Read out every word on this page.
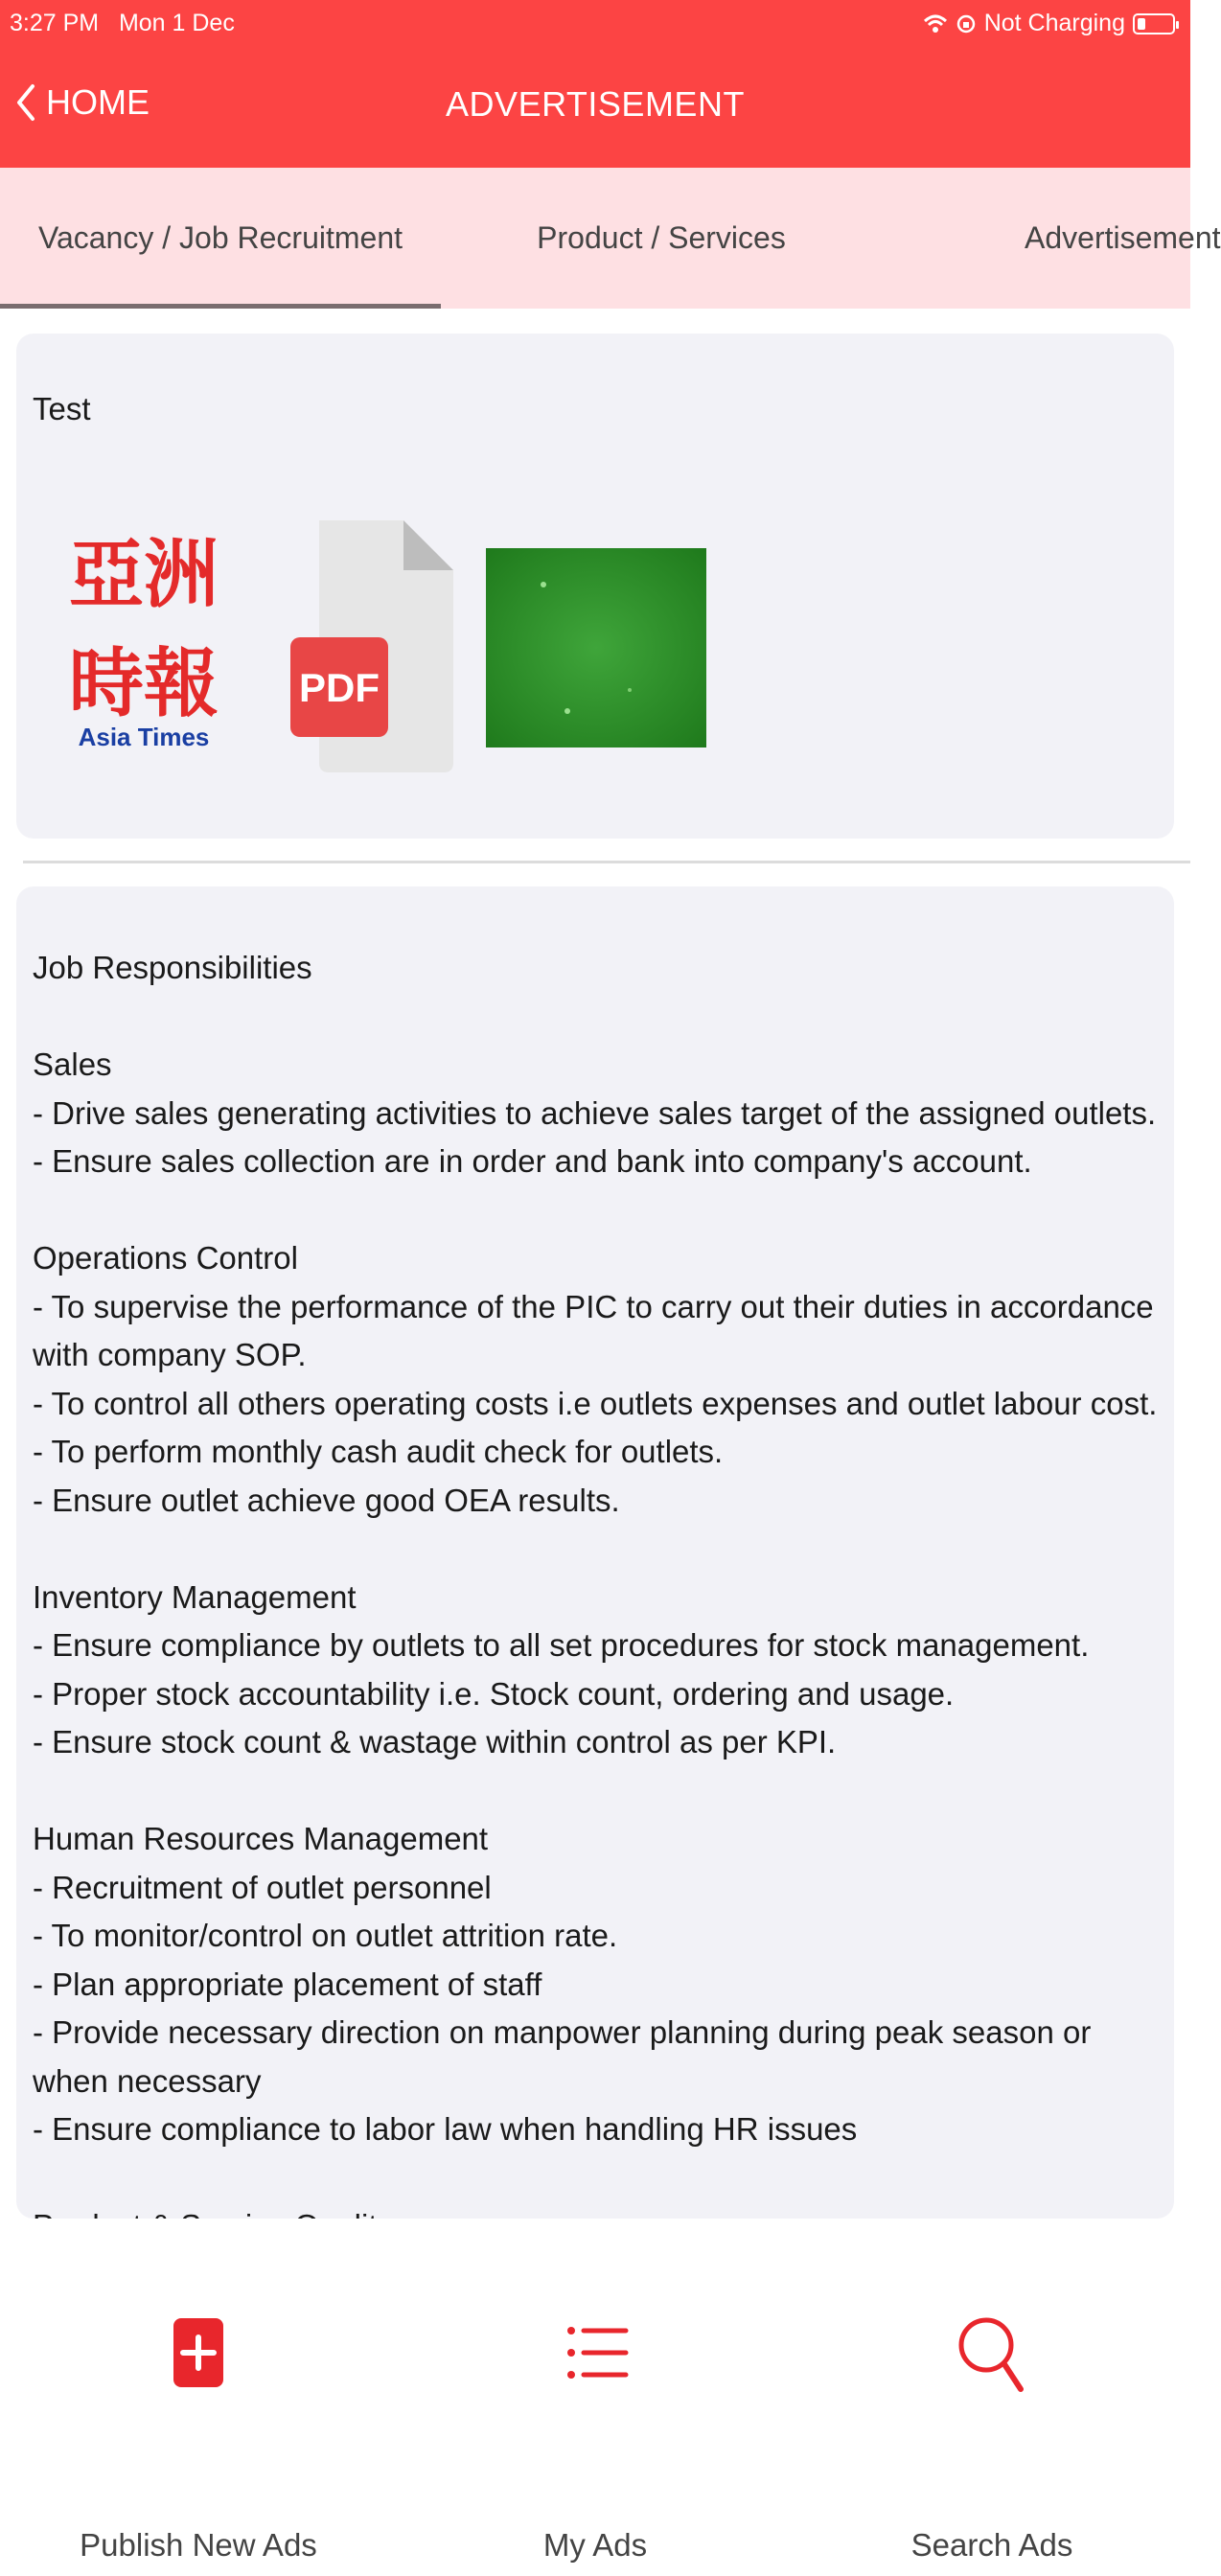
3:27 PM Mon 1 Dec	Not Charging
HOME	ADVERTISEMENT
Vacancy / Job Recruitment	Product / Services	Advertisement
Test
亞洲
時報
Asia Times
PDF
Job Responsibilities

Sales
- Drive sales generating activities to achieve sales target of the assigned outlets.
- Ensure sales collection are in order and bank into company's account.

Operations Control
- To supervise the performance of the PIC to carry out their duties in accordance with company SOP.
- To control all others operating costs i.e outlets expenses and outlet labour cost.
- To perform monthly cash audit check for outlets.
- Ensure outlet achieve good OEA results.

Inventory Management
- Ensure compliance by outlets to all set procedures for stock management.
- Proper stock accountability i.e. Stock count, ordering and usage.
- Ensure stock count & wastage within control as per KPI.

Human Resources Management
- Recruitment of outlet personnel
- To monitor/control on outlet attrition rate.
- Plan appropriate placement of staff
- Provide necessary direction on manpower planning during peak season or when necessary
- Ensure compliance to labor law when handling HR issues

Publish New Ads	My Ads	Search Ads
